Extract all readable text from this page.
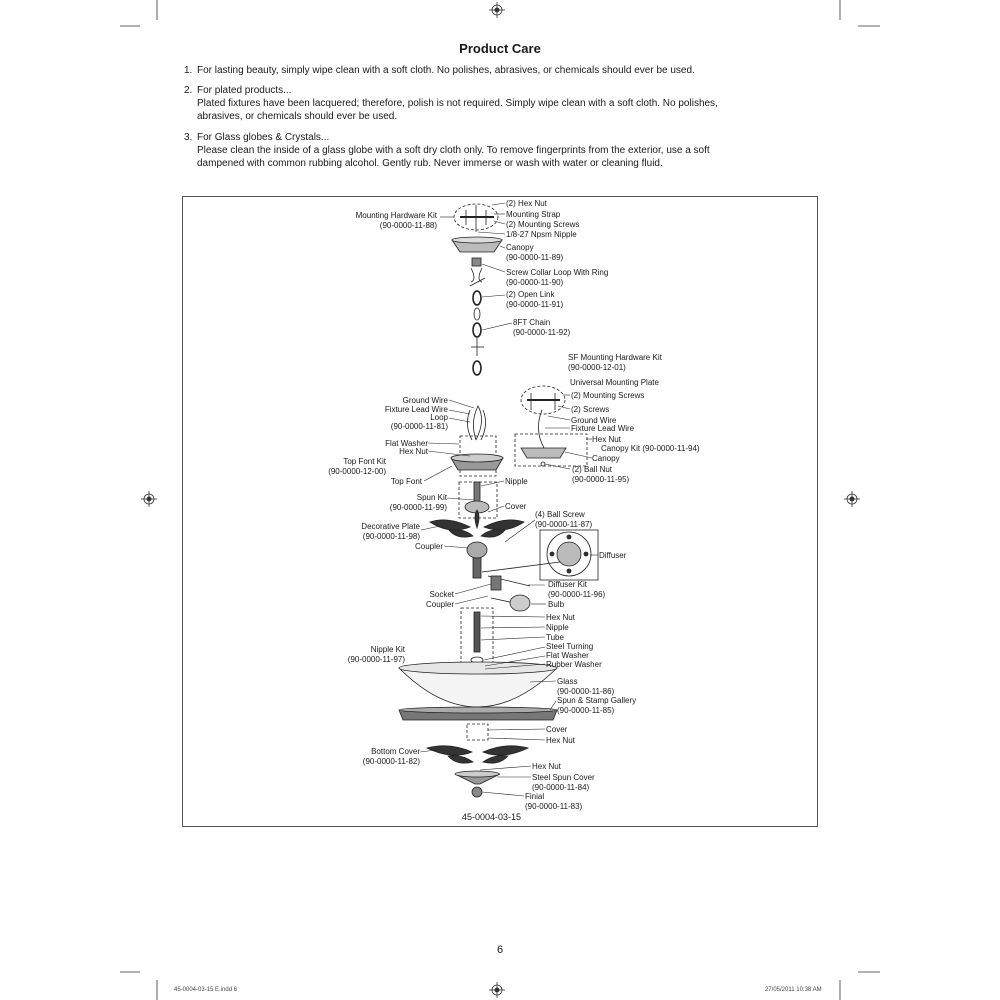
Product Care
1. For lasting beauty, simply wipe clean with a soft cloth. No polishes, abrasives, or chemicals should ever be used.
2. For plated products...
Plated fixtures have been lacquered; therefore, polish is not required. Simply wipe clean with a soft cloth. No polishes,
abrasives, or chemicals should ever be used.
3. For Glass globes & Crystals...
Please clean the inside of a glass globe with a soft dry cloth only. To remove fingerprints from the exterior, use a soft
dampened with common rubbing alcohol. Gently rub. Never immerse or wash with water or cleaning fluid.
(2) Hex Nut
Mounting Strap
(2) Mounting Screws
1/8-27 Npsm Nipple
Mounting Hardware Kit
(90-0000-11-88)
Canopy
(90-0000-11-89)
Screw Collar Loop With Ring
(90-0000-11-90)
(2) Open Link
(90-0000-11-91)
8FT Chain
(90-0000-11-92)
SF Mounting Hardware Kit
(90-0000-12-01)
Universal Mounting Plate
(2) Mounting Screws
(2) Screws
Ground Wire
Fixture Lead Wire
Hex Nut
Canopy Kit (90-0000-11-94)
Canopy
(2) Ball Nut
(90-0000-11-95)
Ground Wire
Fixture Lead Wire
Loop
(90-0000-11-81)
Flat Washer
Hex Nut
Top Font Kit
(90-0000-12-00)
Top Font	Nipple
Spun Kit
(90-0000-11-99)	Cover
(4) Ball Screw
(90-0000-11-87)
Decorative Plate
(90-0000-11-98)
Coupler
Diffuser
Diffuser Kit
(90-0000-11-96)
Socket
Coupler	Bulb
Hex Nut
Nipple
Tube
Steel Turning
Flat Washer
Rubber Washer
Nipple Kit
(90-0000-11-97)
Glass
(90-0000-11-86)
Spun & Stamp Gallery
(90-0000-11-85)
Cover
Hex Nut
Bottom Cover
(90-0000-11-82)
Hex Nut
Steel Spun Cover
(90-0000-11-84)
Finial
(90-0000-11-83)
45-0004-03-15
6
45-0004-03-15 E.indd 6	27/05/2011 10:38 AM
